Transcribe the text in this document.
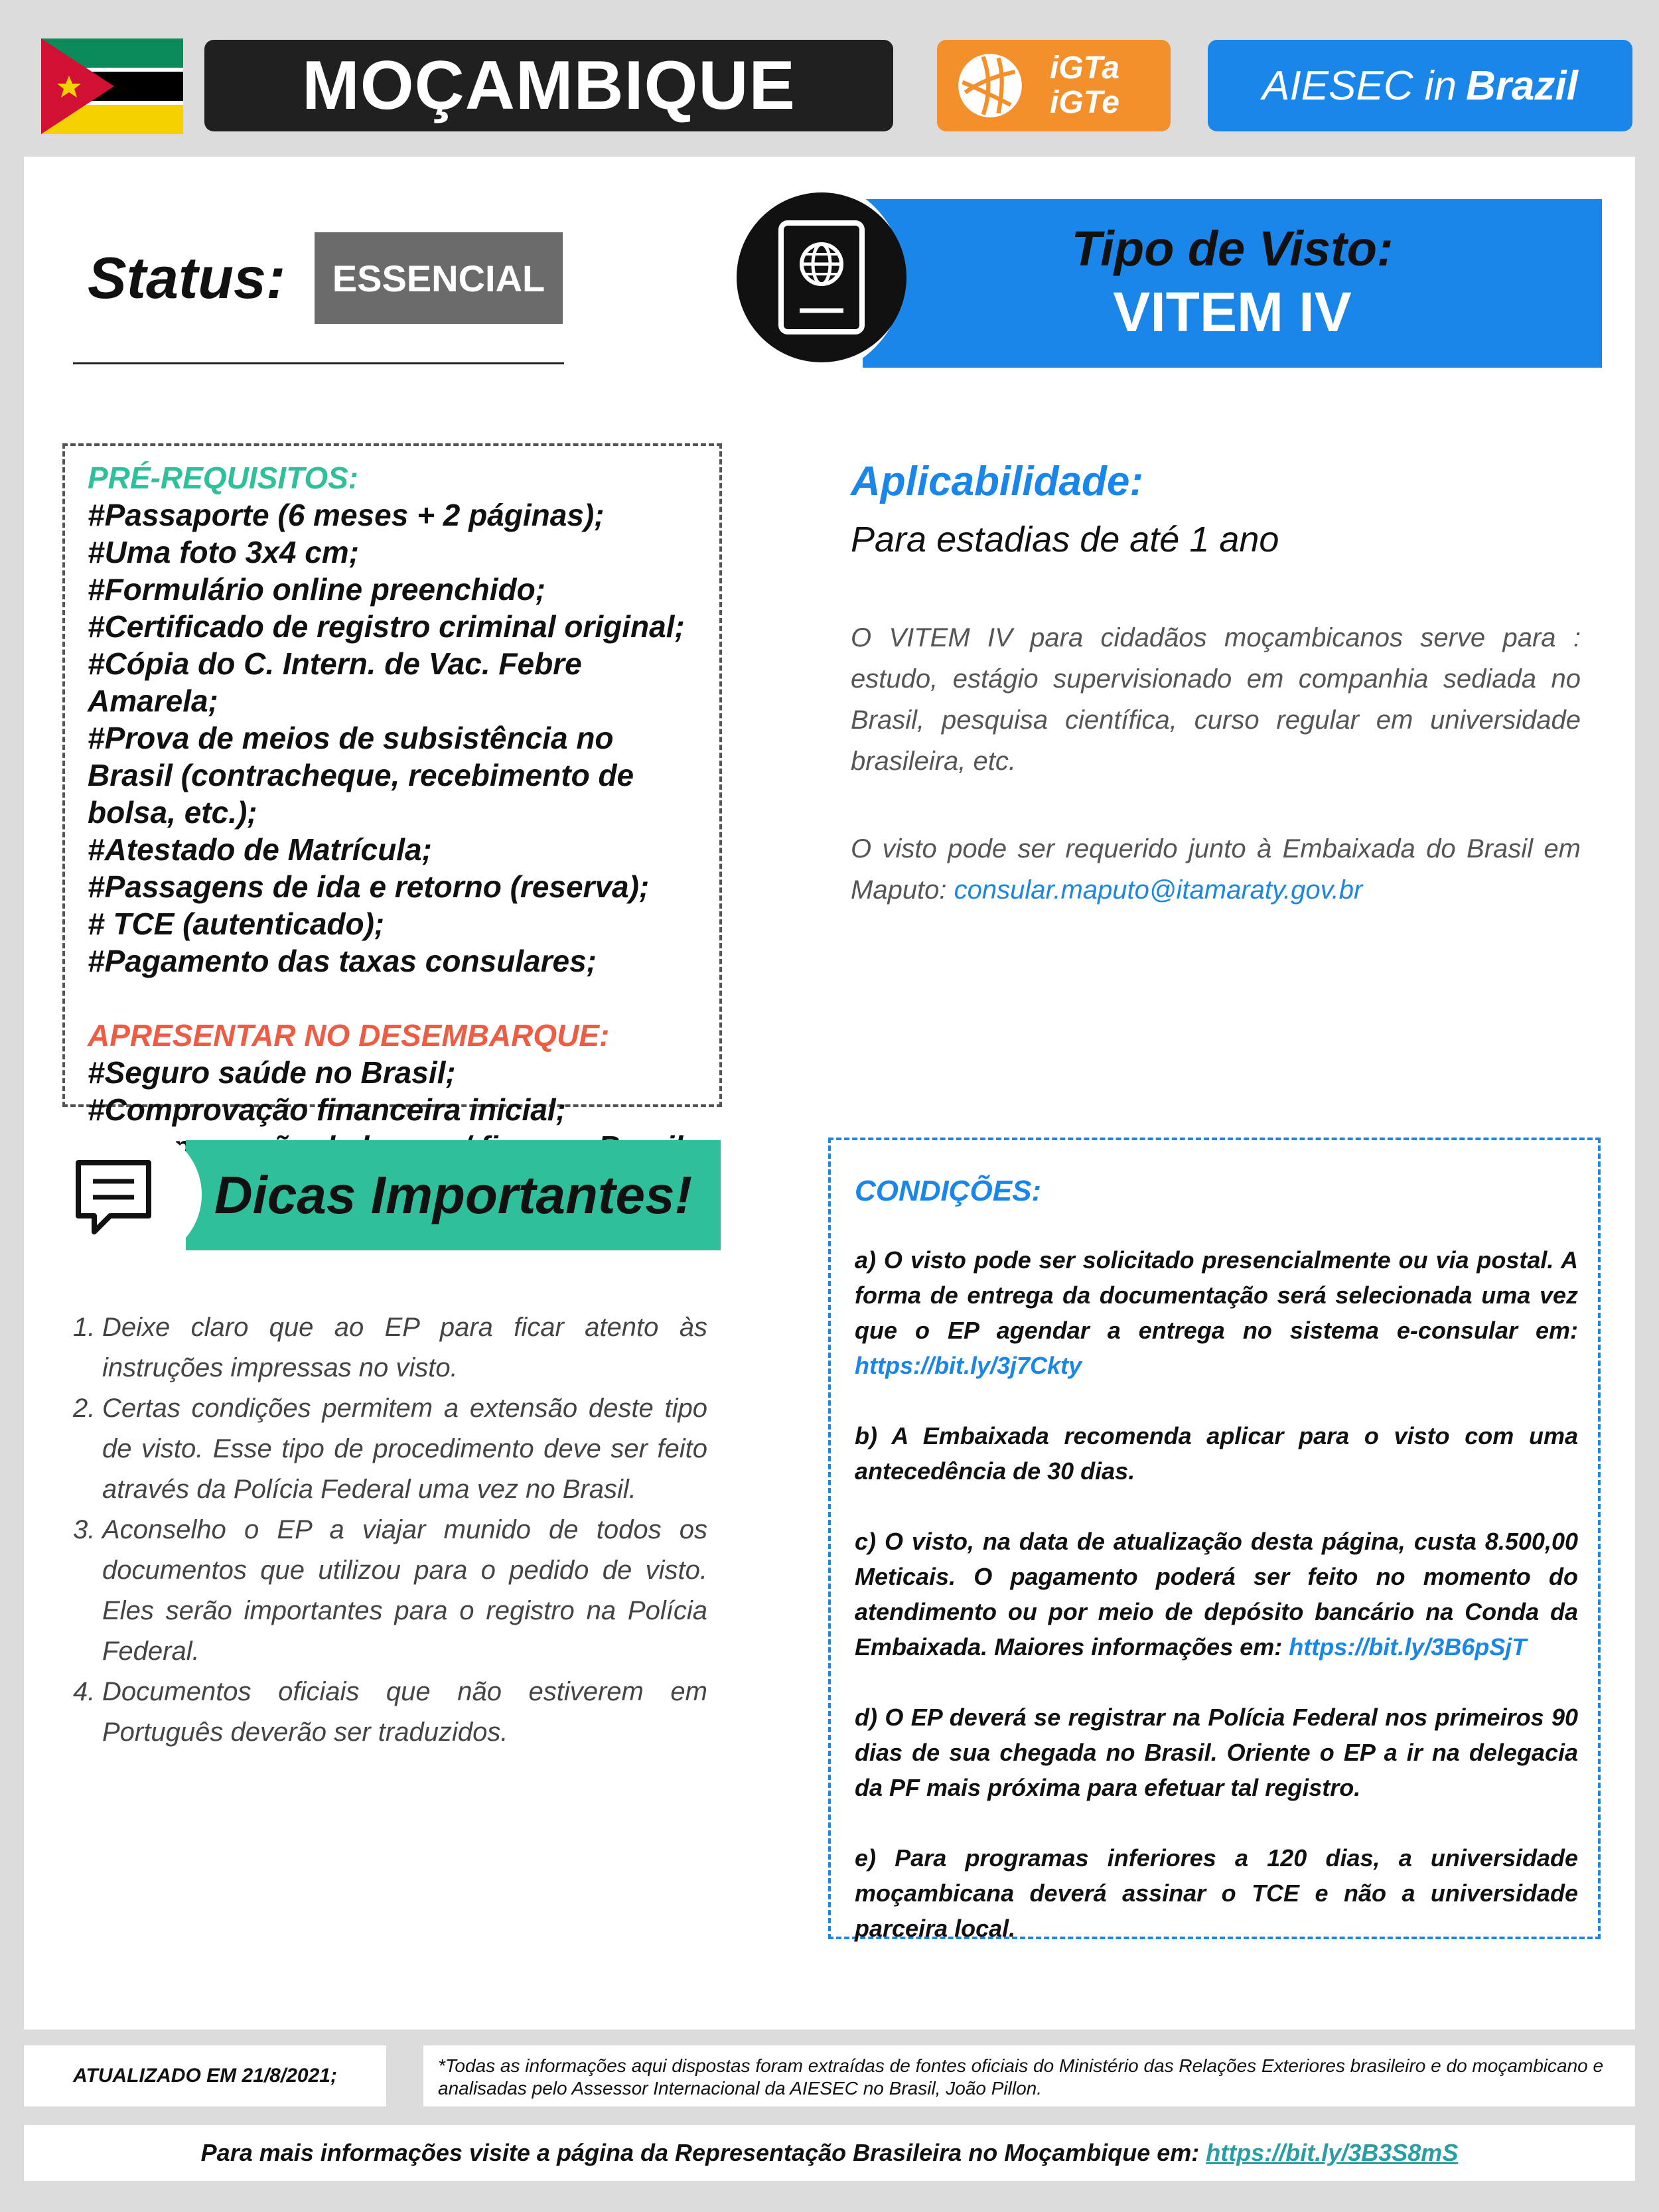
MOÇAMBIQUE	iGTa
iGTe	AIESEC in Brazil
Status:	ESSENCIAL
Tipo de Visto:
VITEM IV
PRÉ-REQUISITOS:

#Passaporte (6 meses + 2 páginas);

#Uma foto 3x4 cm;

#Formulário online preenchido;

#Certificado de registro criminal original;

#Cópia do C. Intern. de Vac. Febre Amarela;

#Prova de meios de subsistência no Brasil (contracheque, recebimento de bolsa, etc.);

#Atestado de Matrícula;

#Passagens de ida e retorno (reserva);

# TCE (autenticado);

#Pagamento das taxas consulares;

APRESENTAR NO DESEMBARQUE:

#Seguro saúde no Brasil;

#Comprovação financeira inicial;

Aplicabilidade:
Para estadias de até 1 ano
O VITEM IV para cidadãos moçambicanos serve para : estudo, estágio supervisionado em companhia sediada no Brasil, pesquisa científica, curso regular em universidade brasileira, etc.
O visto pode ser requerido junto à Embaixada do Brasil em Maputo: consular.maputo@itamaraty.gov.br
Dicas Importantes!
1. Deixe claro que ao EP para ficar atento às instruções impressas no visto.
2. Certas condições permitem a extensão deste tipo de visto. Esse tipo de procedimento deve ser feito através da Polícia Federal uma vez no Brasil.
3. Aconselho o EP a viajar munido de todos os documentos que utilizou para o pedido de visto. Eles serão importantes para o registro na Polícia Federal.
4. Documentos oficiais que não estiverem em Português deverão ser traduzidos.
CONDIÇÕES:

a) O visto pode ser solicitado presencialmente ou via postal. A forma de entrega da documentação será selecionada uma vez que o EP agendar a entrega no sistema e-consular em: https://bit.ly/3j7Ckty

b) A Embaixada recomenda aplicar para o visto com uma antecedência de 30 dias.

c) O visto, na data de atualização desta página, custa 8.500,00 Meticais. O pagamento poderá ser feito no momento do atendimento ou por meio de depósito bancário na Conda da Embaixada. Maiores informações em: https://bit.ly/3B6pSjT

d) O EP deverá se registrar na Polícia Federal nos primeiros 90 dias de sua chegada no Brasil. Oriente o EP a ir na delegacia da PF mais próxima para efetuar tal registro.

e) Para programas inferiores a 120 dias, a universidade moçambicana deverá assinar o TCE e não a universidade parceira local.

ATUALIZADO EM 21/8/2021;	*Todas as informações aqui dispostas foram extraídas de fontes oficiais do Ministério das Relações Exteriores brasileiro e do moçambicano e analisadas pelo Assessor Internacional da AIESEC no Brasil, João Pillon.
Para mais informações visite a página da Representação Brasileira no Moçambique em: https://bit.ly/3B3S8mS
